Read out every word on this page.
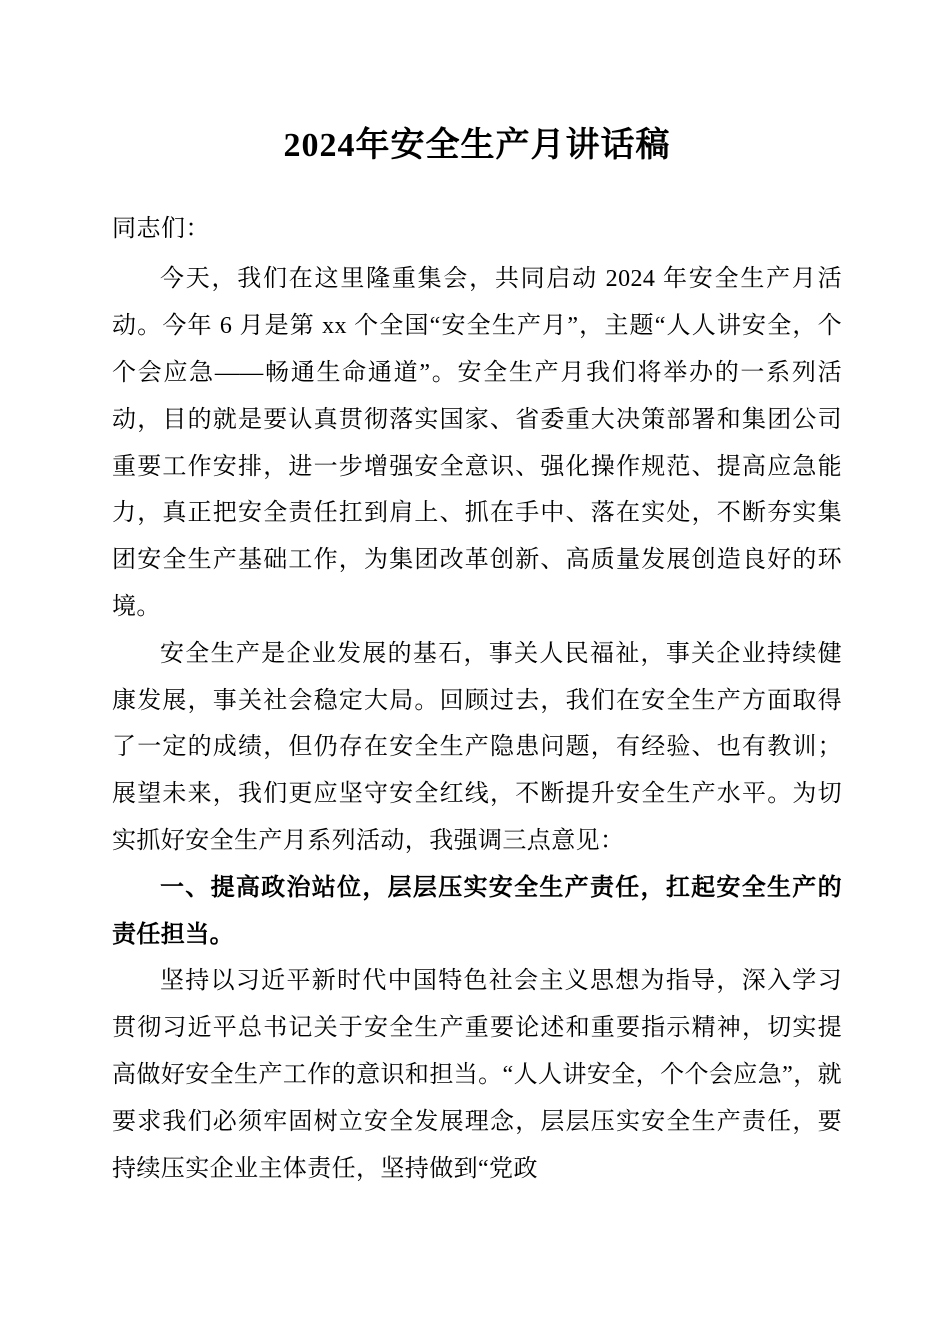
2024年安全生产月讲话稿
同志们：

今天，我们在这里隆重集会，共同启动 2024 年安全生产月活动。今年 6 月是第 xx 个全国“安全生产月”，主题“人人讲安全，个个会应急——畅通生命通道”。安全生产月我们将举办的一系列活动，目的就是要认真贯彻落实国家、省委重大决策部署和集团公司重要工作安排，进一步增强安全意识、强化操作规范、提高应急能力，真正把安全责任扛到肩上、抓在手中、落在实处，不断夯实集团安全生产基础工作，为集团改革创新、高质量发展创造良好的环境。

安全生产是企业发展的基石，事关人民福祉，事关企业持续健康发展，事关社会稳定大局。回顾过去，我们在安全生产方面取得了一定的成绩，但仍存在安全生产隐患问题，有经验、也有教训；展望未来，我们更应坚守安全红线，不断提升安全生产水平。为切实抓好安全生产月系列活动，我强调三点意见：

一、提高政治站位，层层压实安全生产责任，扛起安全生产的责任担当。

坚持以习近平新时代中国特色社会主义思想为指导，深入学习贯彻习近平总书记关于安全生产重要论述和重要指示精神，切实提高做好安全生产工作的意识和担当。“人人讲安全，个个会应急”，就要求我们必须牢固树立安全发展理念，层层压实安全生产责任，要持续压实企业主体责任，坚持做到“党政
